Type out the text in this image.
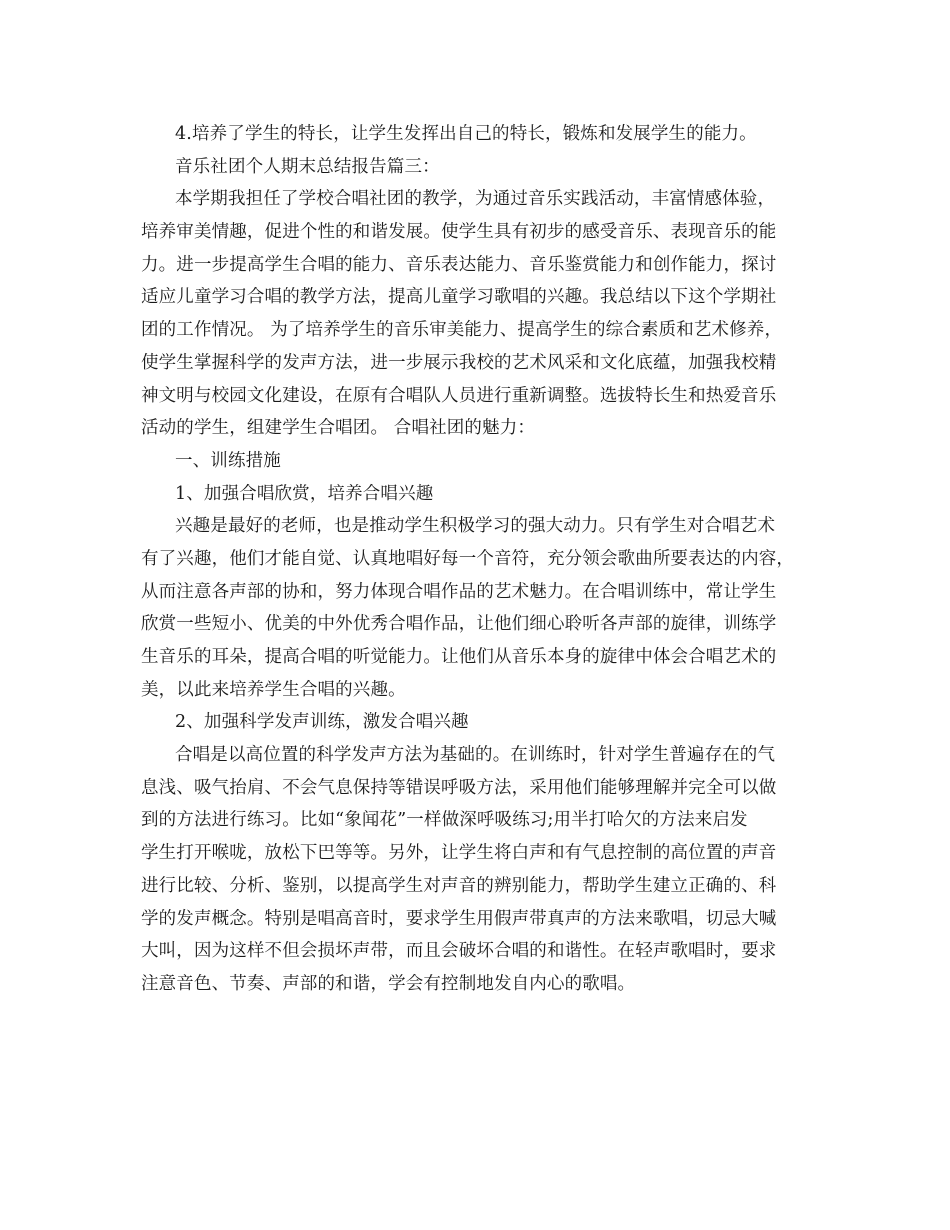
4.培养了学生的特长，让学生发挥出自己的特长，锻炼和发展学生的能力。
音乐社团个人期末总结报告篇三：
本学期我担任了学校合唱社团的教学，为通过音乐实践活动，丰富情感体验，
培养审美情趣，促进个性的和谐发展。使学生具有初步的感受音乐、表现音乐的能
力。进一步提高学生合唱的能力、音乐表达能力、音乐鉴赏能力和创作能力，探讨
适应儿童学习合唱的教学方法，提高儿童学习歌唱的兴趣。我总结以下这个学期社
团的工作情况。 为了培养学生的音乐审美能力、提高学生的综合素质和艺术修养，
使学生掌握科学的发声方法，进一步展示我校的艺术风采和文化底蕴，加强我校精
神文明与校园文化建设，在原有合唱队人员进行重新调整。选拔特长生和热爱音乐
活动的学生，组建学生合唱团。 合唱社团的魅力：
一、训练措施
1、加强合唱欣赏，培养合唱兴趣
兴趣是最好的老师，也是推动学生积极学习的强大动力。只有学生对合唱艺术
有了兴趣，他们才能自觉、认真地唱好每一个音符，充分领会歌曲所要表达的内容，
从而注意各声部的协和，努力体现合唱作品的艺术魅力。在合唱训练中，常让学生
欣赏一些短小、优美的中外优秀合唱作品，让他们细心聆听各声部的旋律，训练学
生音乐的耳朵，提高合唱的听觉能力。让他们从音乐本身的旋律中体会合唱艺术的
美，以此来培养学生合唱的兴趣。
2、加强科学发声训练，激发合唱兴趣
合唱是以高位置的科学发声方法为基础的。在训练时，针对学生普遍存在的气
息浅、吸气抬肩、不会气息保持等错误呼吸方法，采用他们能够理解并完全可以做
到的方法进行练习。比如“象闻花”一样做深呼吸练习;用半打哈欠的方法来启发
学生打开喉咙，放松下巴等等。另外，让学生将白声和有气息控制的高位置的声音
进行比较、分析、鉴别，以提高学生对声音的辨别能力，帮助学生建立正确的、科
学的发声概念。特别是唱高音时，要求学生用假声带真声的方法来歌唱，切忌大喊
大叫，因为这样不但会损坏声带，而且会破坏合唱的和谐性。在轻声歌唱时，要求
注意音色、节奏、声部的和谐，学会有控制地发自内心的歌唱。
